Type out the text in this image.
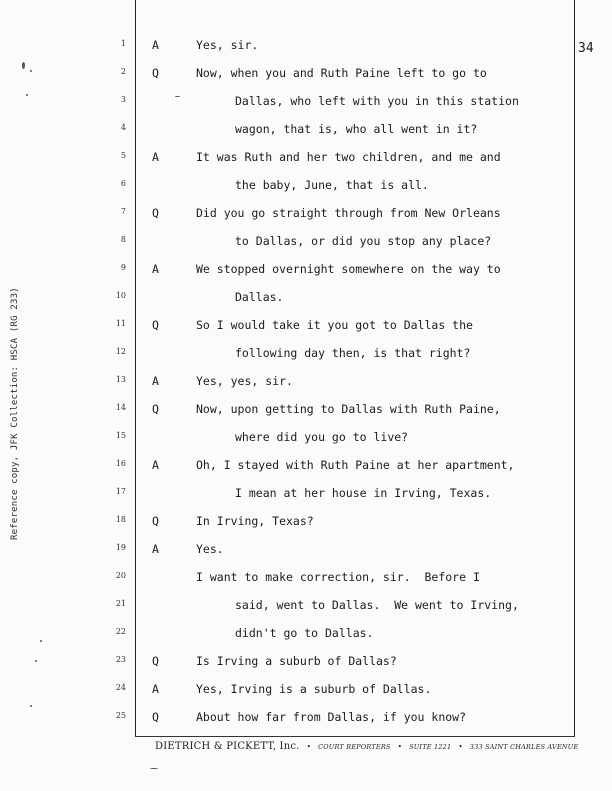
34
Reference copy, JFK Collection: HSCA (RG 233)
1 A	Yes, sir.
2 Q	Now, when you and Ruth Paine left to go to
3	Dallas, who left with you in this station
4	wagon, that is, who all went in it?
5 A	It was Ruth and her two children, and me and
6	the baby, June, that is all.
7 Q	Did you go straight through from New Orleans
8	to Dallas, or did you stop any place?
9 A	We stopped overnight somewhere on the way to
10	Dallas.
11 Q	So I would take it you got to Dallas the
12	following day then, is that right?
13 A	Yes, yes, sir.
14 Q	Now, upon getting to Dallas with Ruth Paine,
15	where did you go to live?
16 A	Oh, I stayed with Ruth Paine at her apartment,
17	I mean at her house in Irving, Texas.
18 Q	In Irving, Texas?
19 A	Yes.
20	I want to make correction, sir.  Before I
21	said, went to Dallas.  We went to Irving,
22	didn't go to Dallas.
23 Q	Is Irving a suburb of Dallas?
24 A	Yes, Irving is a suburb of Dallas.
25 Q	About how far from Dallas, if you know?
DIETRICH & PICKETT, Inc. • COURT REPORTERS • SUITE 1221 • 333 SAINT CHARLES AVENUE
